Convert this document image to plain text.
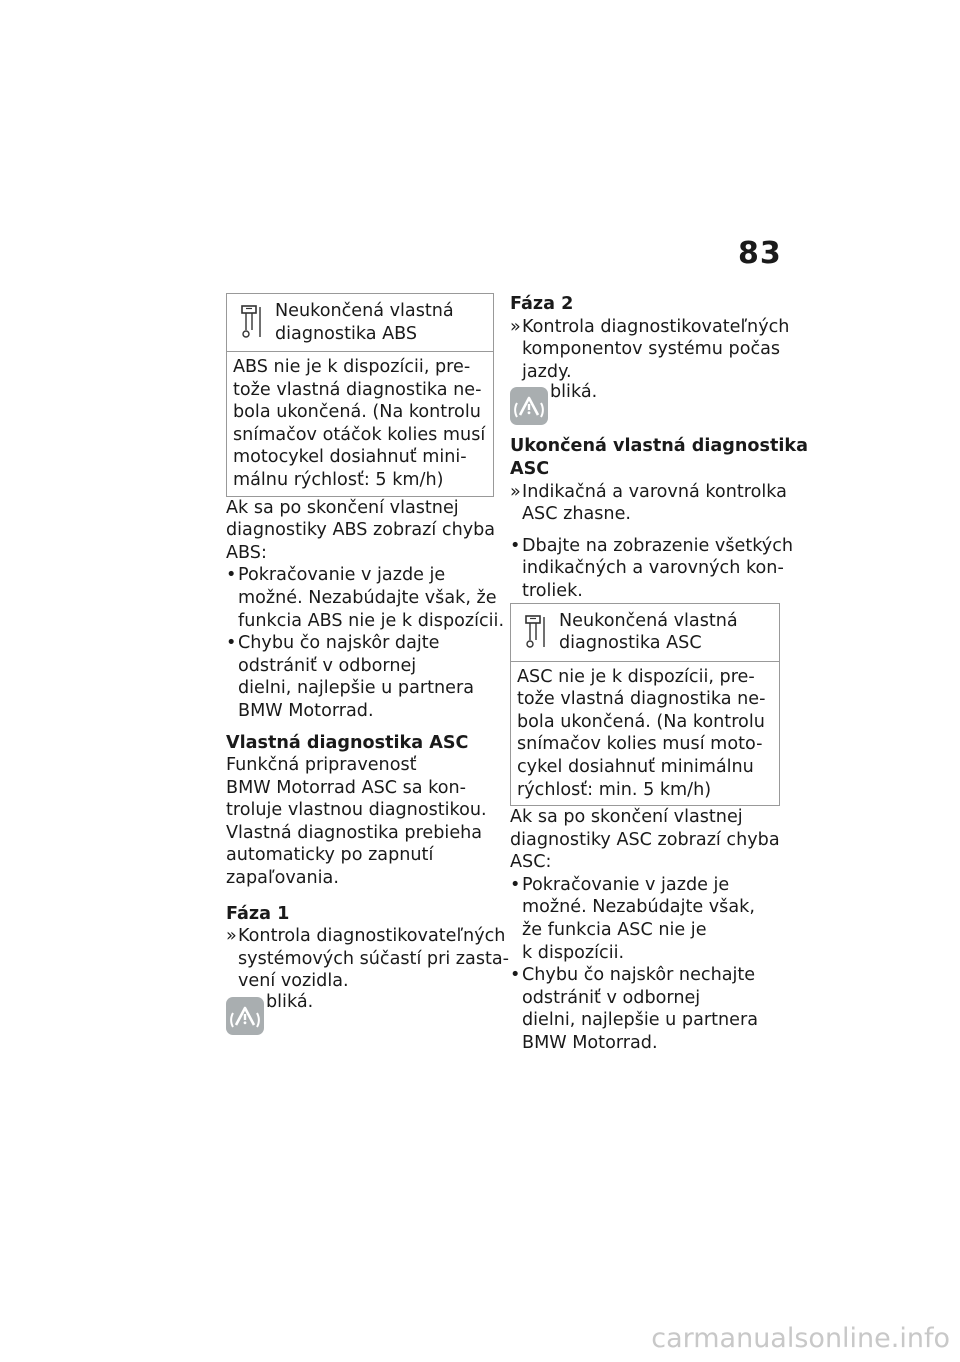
83
Neukončená vlastná
diagnostika ABS
ABS nie je k dispozícii, pre-
tože vlastná diagnostika ne-
bola ukončená. (Na kontrolu
snímačov otáčok kolies musí
motocykel dosiahnuť mini-
málnu rýchlosť: 5 km/h)
Ak sa po skončení vlastnej
diagnostiky ABS zobrazí chyba
ABS:
• Pokračovanie v jazde je
možné. Nezabúdajte však, že
funkcia ABS nie je k dispozícii.
• Chybu čo najskôr dajte
odstrániť v odbornej
dielni, najlepšie u partnera
BMW Motorrad.
Vlastná diagnostika ASC
Funkčná pripravenosť
BMW Motorrad ASC sa kon-
troluje vlastnou diagnostikou.
Vlastná diagnostika prebieha
automaticky po zapnutí
zapaľovania.
Fáza 1
» Kontrola diagnostikovateľných
systémových súčastí pri zasta-
vení vozidla.
bliká.
Fáza 2
» Kontrola diagnostikovateľných
komponentov systému počas
jazdy.
bliká.
Ukončená vlastná diagnostika
ASC
» Indikačná a varovná kontrolka
ASC zhasne.
• Dbajte na zobrazenie všetkých
indikačných a varovných kon-
troliek.
Neukončená vlastná
diagnostika ASC
ASC nie je k dispozícii, pre-
tože vlastná diagnostika ne-
bola ukončená. (Na kontrolu
snímačov kolies musí moto-
cykel dosiahnuť minimálnu
rýchlosť: min. 5 km/h)
Ak sa po skončení vlastnej
diagnostiky ASC zobrazí chyba
ASC:
• Pokračovanie v jazde je
možné. Nezabúdajte však,
že funkcia ASC nie je
k dispozícii.
• Chybu čo najskôr nechajte
odstrániť v odbornej
dielni, najlepšie u partnera
BMW Motorrad.
carmanualsonline.info
